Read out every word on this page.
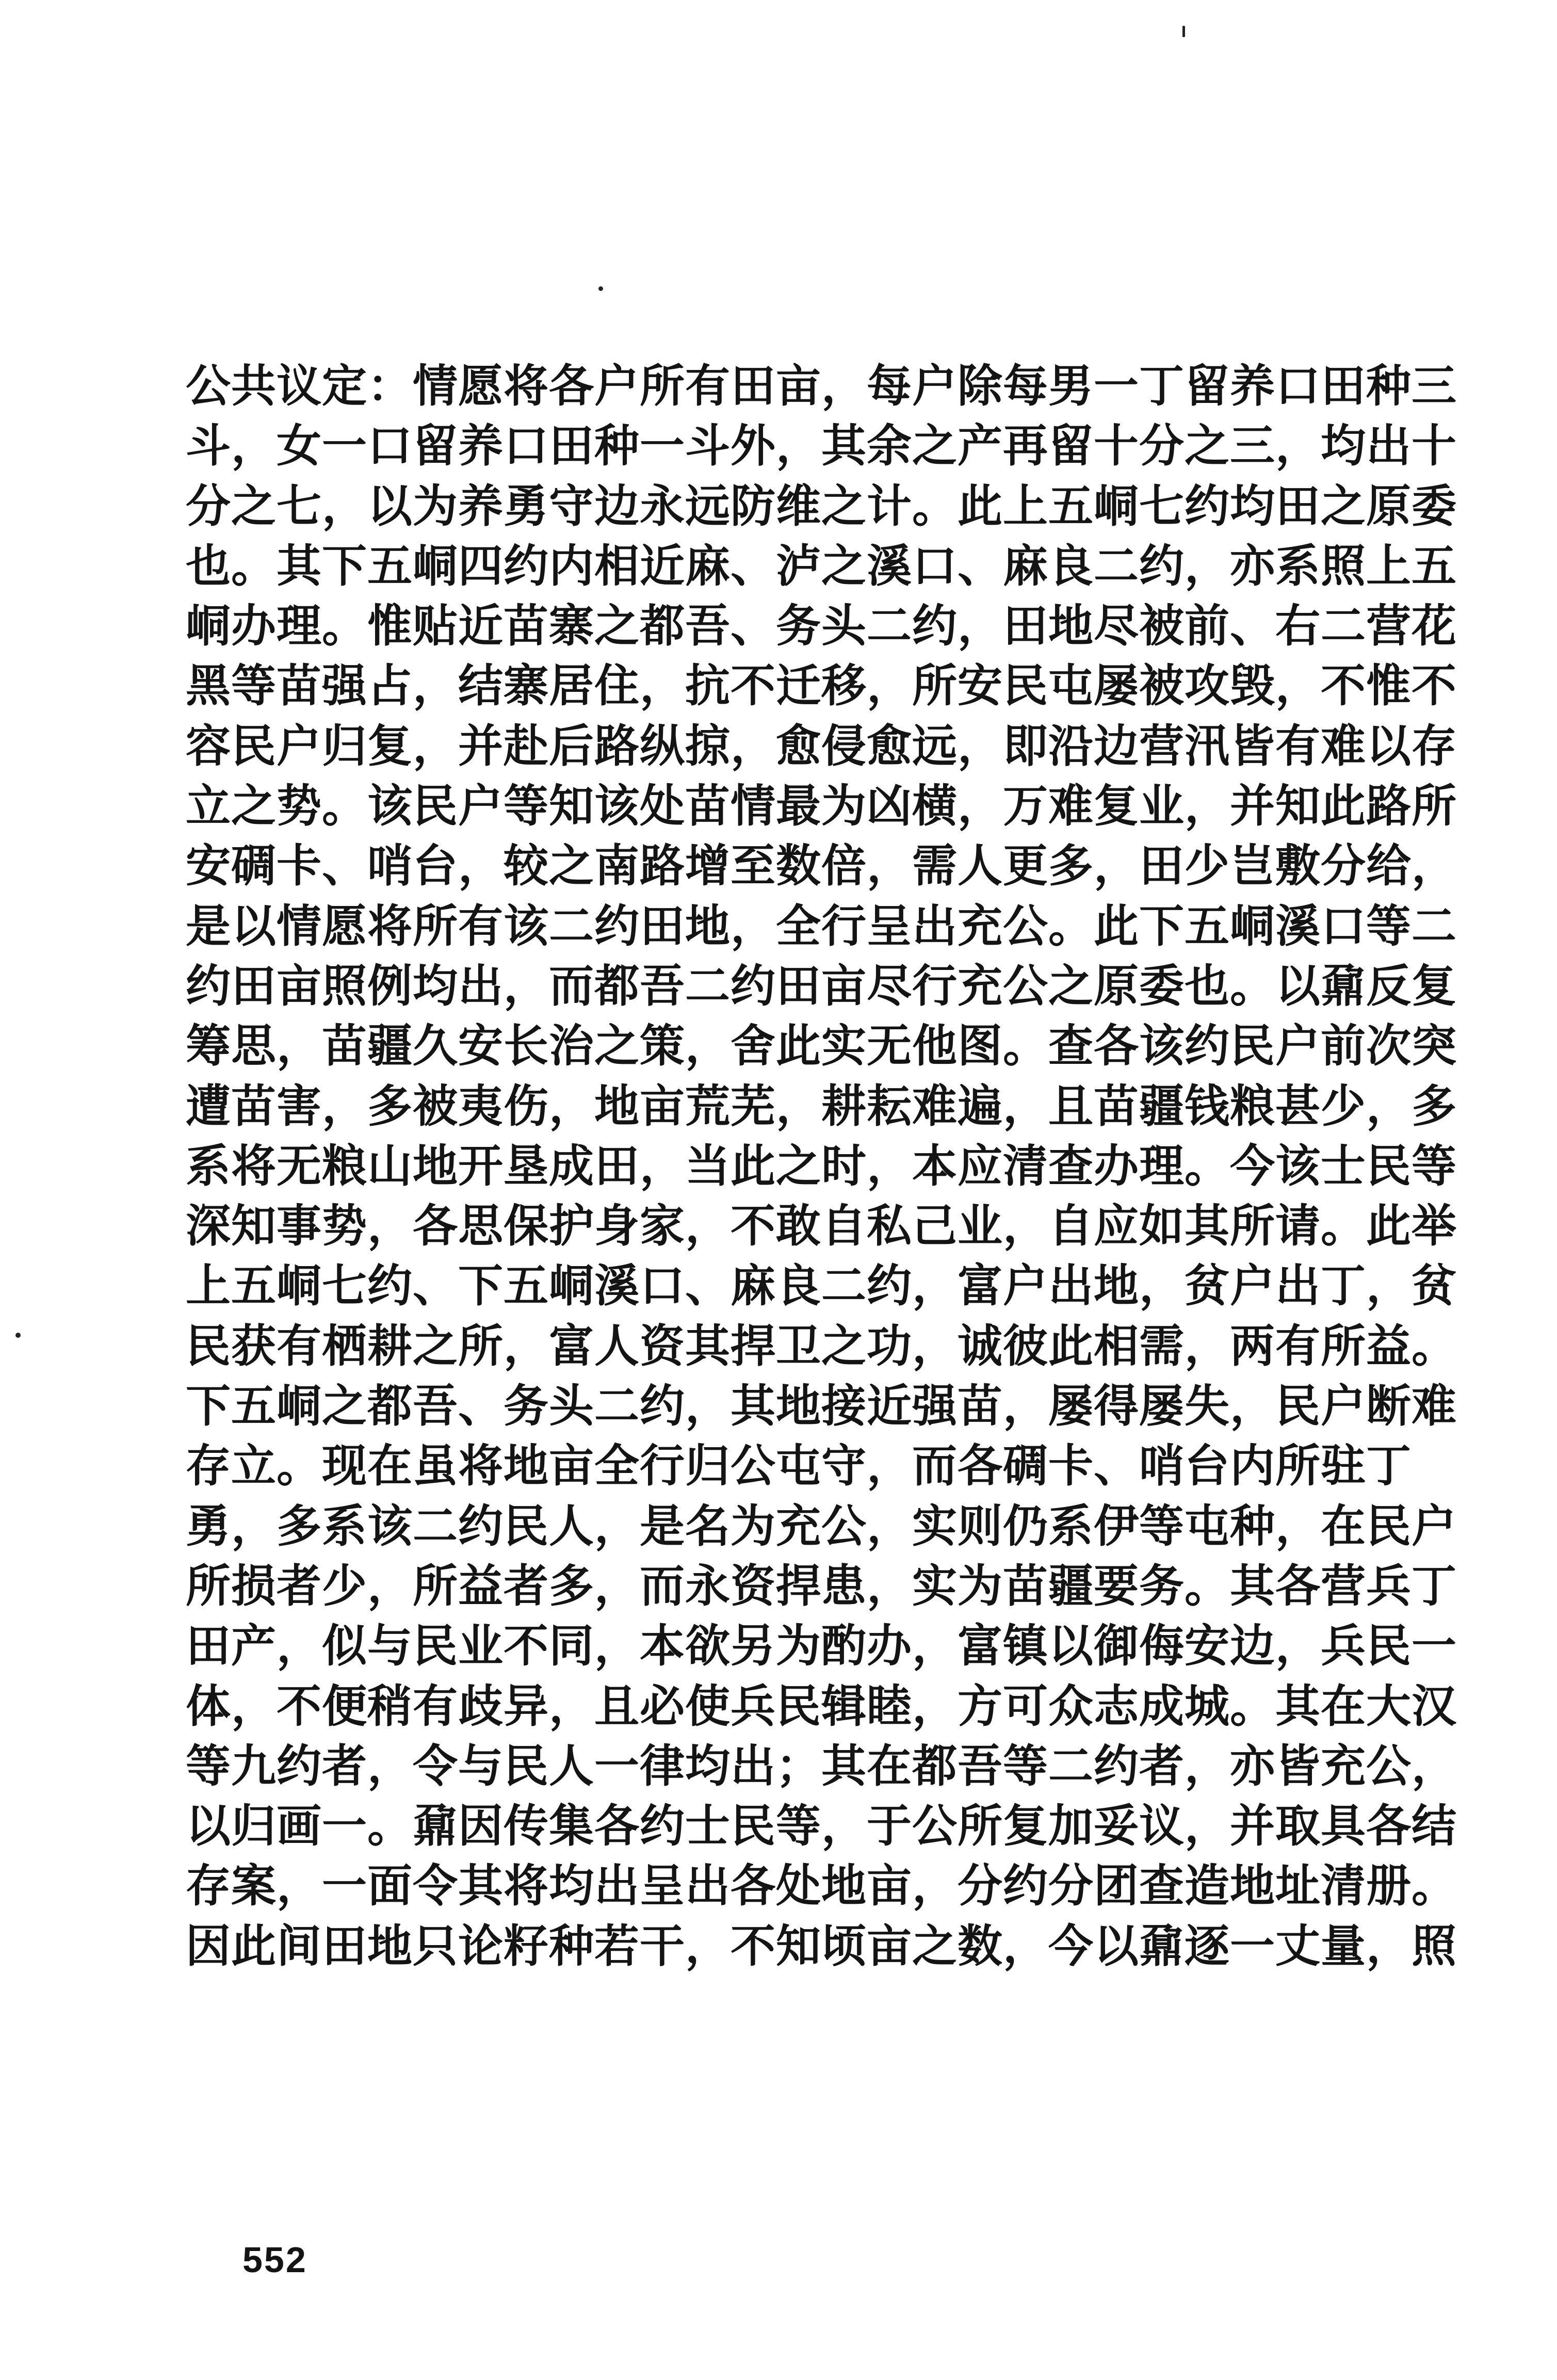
公共议定：情愿将各户所有田亩，每户除每男一丁留养口田种三
斗，女一口留养口田种一斗外，其余之产再留十分之三，均出十
分之七，以为养勇守边永远防维之计。此上五峒七约均田之原委
也。其下五峒四约内相近麻、泸之溪口、麻良二约，亦系照上五
峒办理。惟贴近苗寨之都吾、务头二约，田地尽被前、右二营花
黑等苗强占，结寨居住，抗不迁移，所安民屯屡被攻毁，不惟不
容民户归复，并赴后路纵掠，愈侵愈远，即沿边营汛皆有难以存
立之势。该民户等知该处苗情最为凶横，万难复业，并知此路所
安碉卡、哨台，较之南路增至数倍，需人更多，田少岂敷分给，
是以情愿将所有该二约田地，全行呈出充公。此下五峒溪口等二
约田亩照例均出，而都吾二约田亩尽行充公之原委也。以鼐反复
筹思，苗疆久安长治之策，舍此实无他图。查各该约民户前次突
遭苗害，多被夷伤，地亩荒芜，耕耘难遍，且苗疆钱粮甚少，多
系将无粮山地开垦成田，当此之时，本应清查办理。今该士民等
深知事势，各思保护身家，不敢自私己业，自应如其所请。此举
上五峒七约、下五峒溪口、麻良二约，富户出地，贫户出丁，贫
民获有栖耕之所，富人资其捍卫之功，诚彼此相需，两有所益。
下五峒之都吾、务头二约，其地接近强苗，屡得屡失，民户断难
存立。现在虽将地亩全行归公屯守，而各碉卡、哨台内所驻丁
勇，多系该二约民人，是名为充公，实则仍系伊等屯种，在民户
所损者少，所益者多，而永资捍患，实为苗疆要务。其各营兵丁
田产，似与民业不同，本欲另为酌办，富镇以御侮安边，兵民一
体，不便稍有歧异，且必使兵民辑睦，方可众志成城。其在大汉
等九约者，令与民人一律均出；其在都吾等二约者，亦皆充公，
以归画一。鼐因传集各约士民等，于公所复加妥议，并取具各结
存案，一面令其将均出呈出各处地亩，分约分团查造地址清册。
因此间田地只论籽种若干，不知顷亩之数，今以鼐逐一丈量，照
552
